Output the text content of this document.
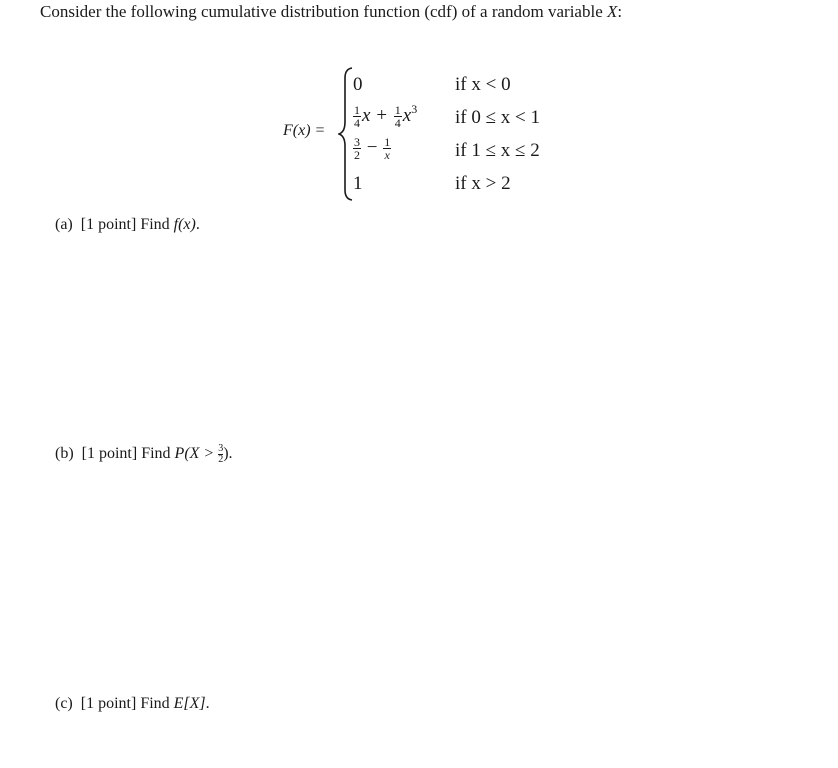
Consider the following cumulative distribution function (cdf) of a random variable X:
F(x) =
0	if x < 0
$\frac{1}{4}$ $x + \frac{1}{4} x^3$ if 0 ≤ x < 1
$\frac{3}{2} - \frac{1}{x}$	if 1 ≤ x ≤ 2
1	if x > 2
(a) [1 point] Find f(x).
(b) [1 point] Find $P(X > \frac{3}{2}$ ).
(c) [1 point] Find E[X].
